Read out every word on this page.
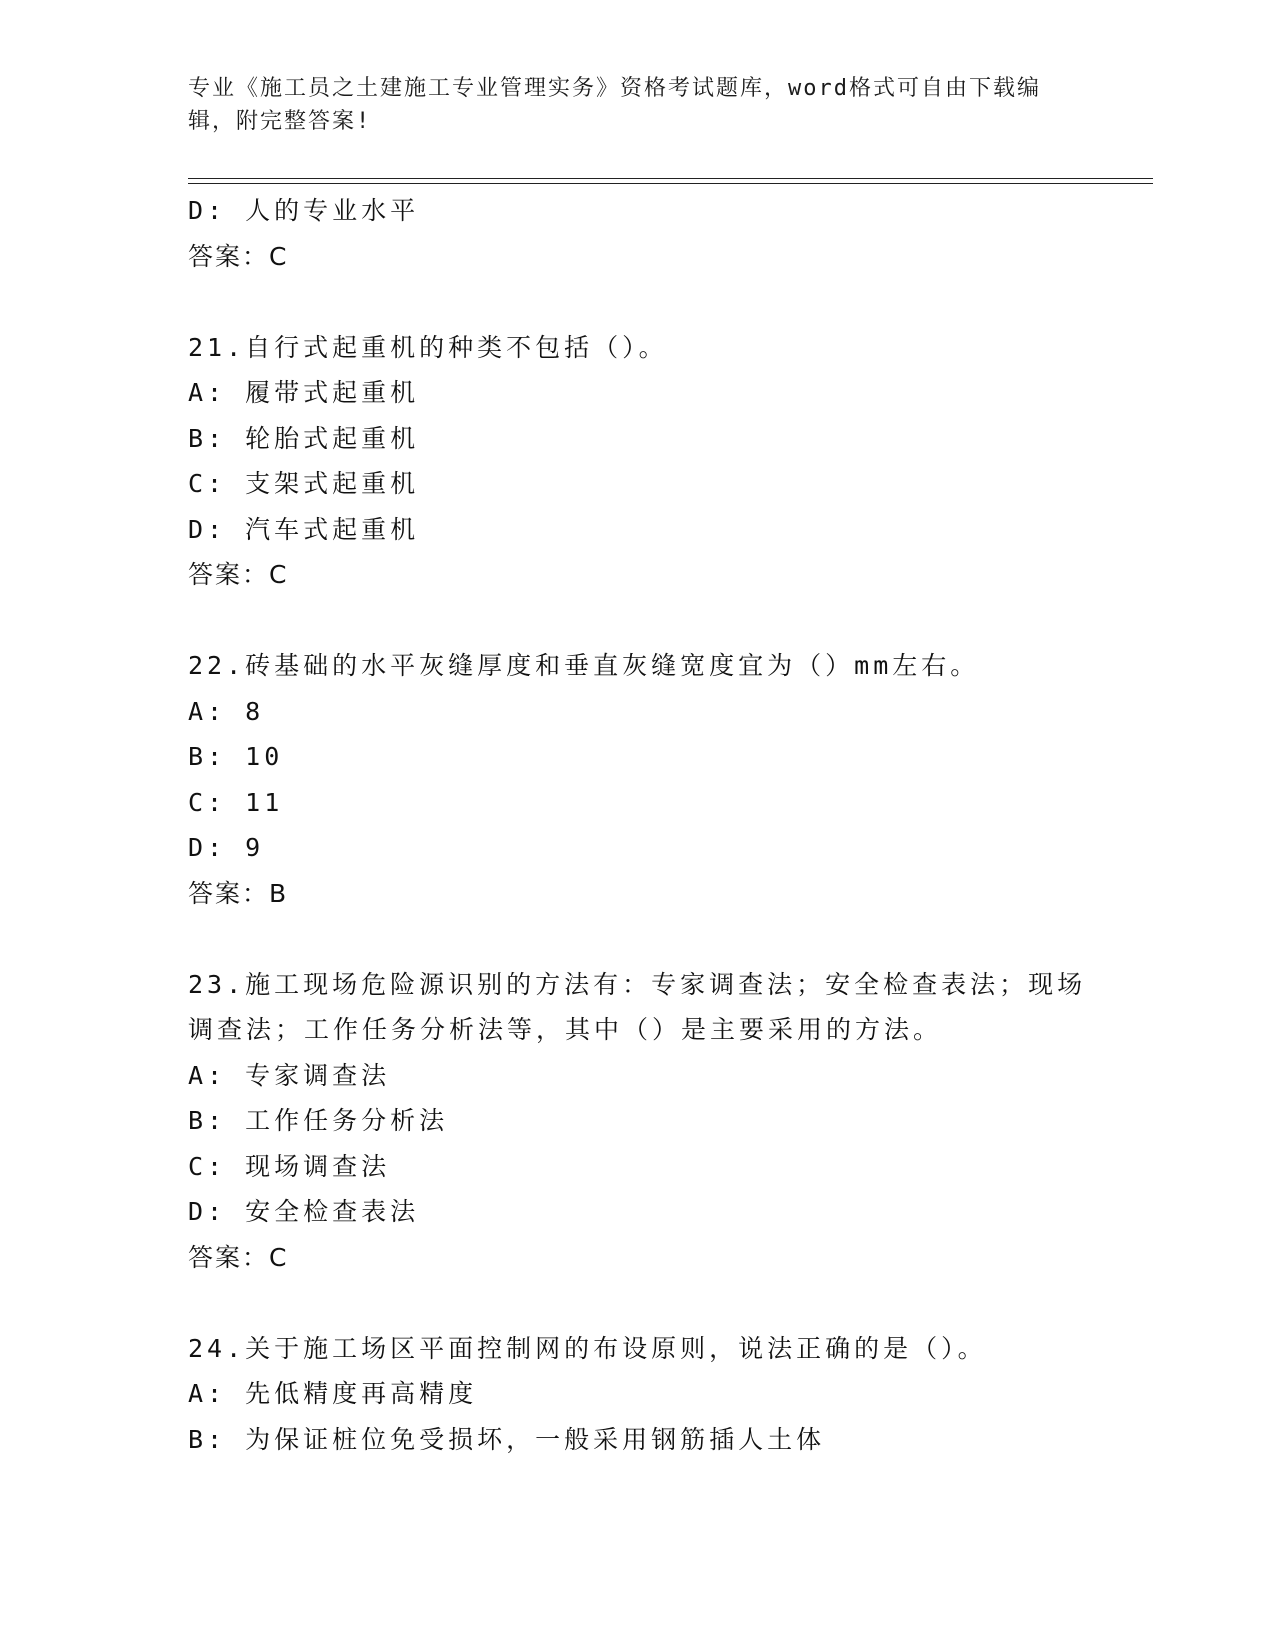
专业《施工员之土建施工专业管理实务》资格考试题库，word格式可自由下载编
辑，附完整答案!
D: 人的专业水平
答案：C
21.自行式起重机的种类不包括（）。
A: 履带式起重机
B: 轮胎式起重机
C: 支架式起重机
D: 汽车式起重机
答案：C
22.砖基础的水平灰缝厚度和垂直灰缝宽度宜为（）mm左右。
A: 8
B: 10
C: 11
D: 9
答案：B
23.施工现场危险源识别的方法有：专家调查法；安全检查表法；现场
调查法；工作任务分析法等，其中（）是主要采用的方法。
A: 专家调查法
B: 工作任务分析法
C: 现场调查法
D: 安全检查表法
答案：C
24.关于施工场区平面控制网的布设原则，说法正确的是（）。
A: 先低精度再高精度
B: 为保证桩位免受损坏，一般采用钢筋插人土体
